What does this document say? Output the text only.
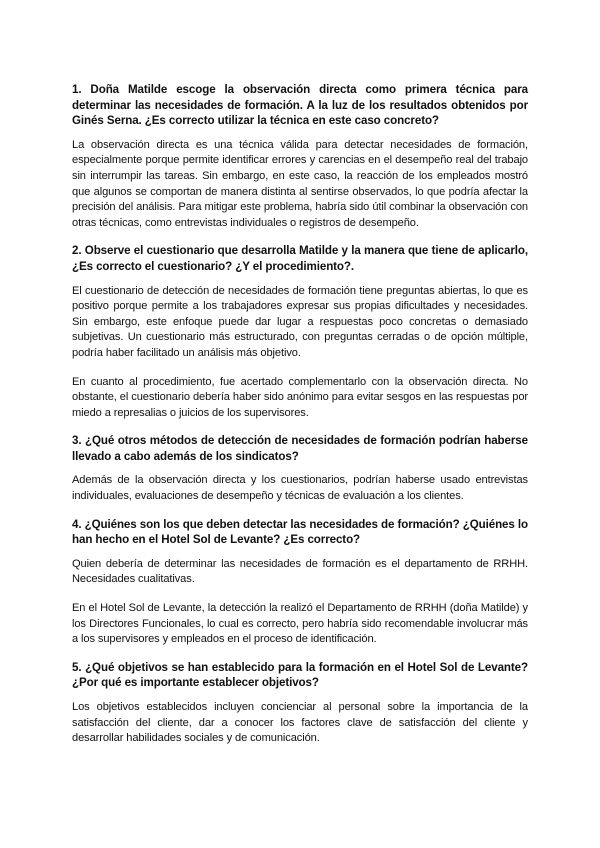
1. Doña Matilde escoge la observación directa como primera técnica para determinar las necesidades de formación. A la luz de los resultados obtenidos por Ginés Serna. ¿Es correcto utilizar la técnica en este caso concreto?

La observación directa es una técnica válida para detectar necesidades de formación, especialmente porque permite identificar errores y carencias en el desempeño real del trabajo sin interrumpir las tareas. Sin embargo, en este caso, la reacción de los empleados mostró que algunos se comportan de manera distinta al sentirse observados, lo que podría afectar la precisión del análisis. Para mitigar este problema, habría sido útil combinar la observación con otras técnicas, como entrevistas individuales o registros de desempeño.

2. Observe el cuestionario que desarrolla Matilde y la manera que tiene de aplicarlo, ¿Es correcto el cuestionario? ¿Y el procedimiento?.

El cuestionario de detección de necesidades de formación tiene preguntas abiertas, lo que es positivo porque permite a los trabajadores expresar sus propias dificultades y necesidades. Sin embargo, este enfoque puede dar lugar a respuestas poco concretas o demasiado subjetivas. Un cuestionario más estructurado, con preguntas cerradas o de opción múltiple, podría haber facilitado un análisis más objetivo.

En cuanto al procedimiento, fue acertado complementarlo con la observación directa. No obstante, el cuestionario debería haber sido anónimo para evitar sesgos en las respuestas por miedo a represalias o juicios de los supervisores.

3. ¿Qué otros métodos de detección de necesidades de formación podrían haberse llevado a cabo además de los sindicatos?

Además de la observación directa y los cuestionarios, podrían haberse usado entrevistas individuales, evaluaciones de desempeño y técnicas de evaluación a los clientes.

4. ¿Quiénes son los que deben detectar las necesidades de formación? ¿Quiénes lo han hecho en el Hotel Sol de Levante? ¿Es correcto?

Quien debería de determinar las necesidades de formación es el departamento de RRHH. Necesidades cualitativas.

En el Hotel Sol de Levante, la detección la realizó el Departamento de RRHH (doña Matilde) y los Directores Funcionales, lo cual es correcto, pero habría sido recomendable involucrar más a los supervisores y empleados en el proceso de identificación.

5. ¿Qué objetivos se han establecido para la formación en el Hotel Sol de Levante? ¿Por qué es importante establecer objetivos?

Los objetivos establecidos incluyen concienciar al personal sobre la importancia de la satisfacción del cliente, dar a conocer los factores clave de satisfacción del cliente y desarrollar habilidades sociales y de comunicación.
